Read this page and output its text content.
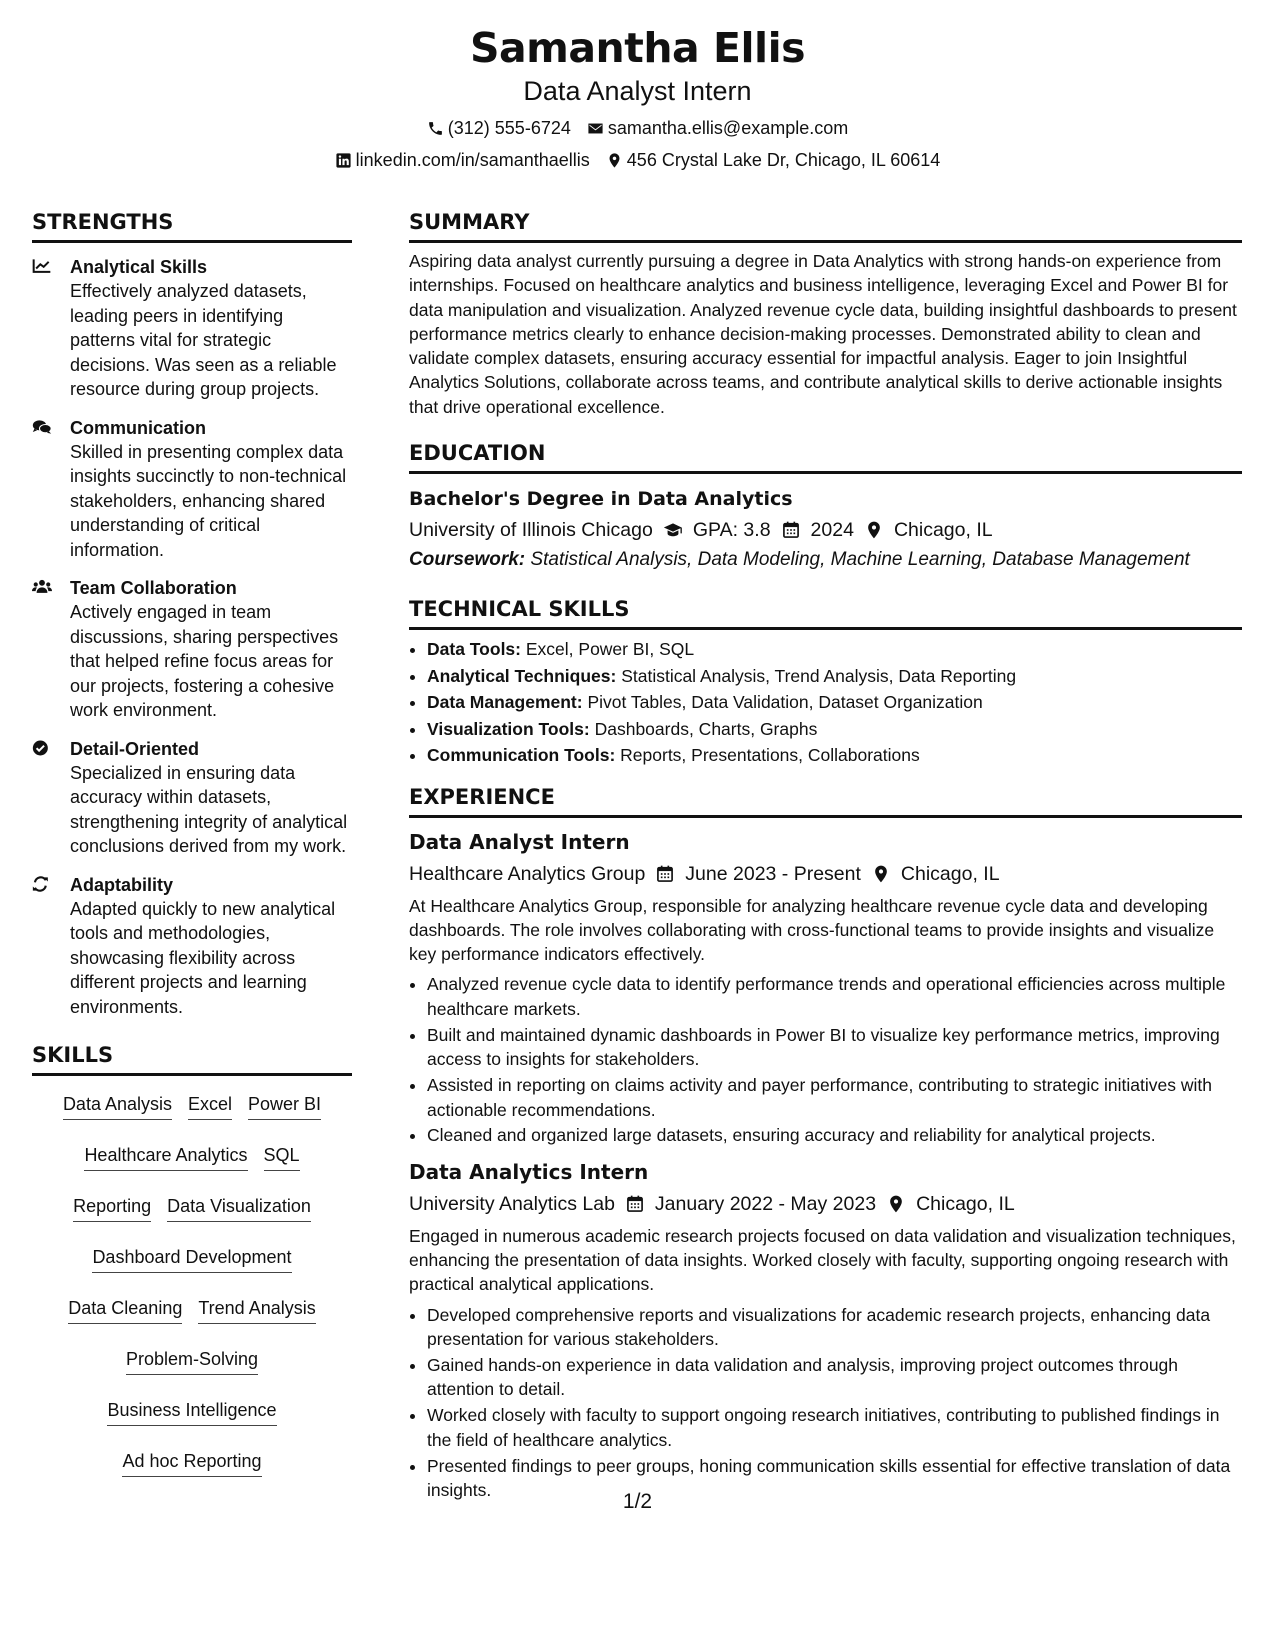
Samantha Ellis
Data Analyst Intern
(312) 555-6724 samantha.ellis@example.com
linkedin.com/in/samanthaellis 456 Crystal Lake Dr, Chicago, IL 60614
STRENGTHS
Analytical Skills
Effectively analyzed datasets, leading peers in identifying patterns vital for strategic decisions. Was seen as a reliable resource during group projects.
Communication
Skilled in presenting complex data insights succinctly to non-technical stakeholders, enhancing shared understanding of critical information.
Team Collaboration
Actively engaged in team discussions, sharing perspectives that helped refine focus areas for our projects, fostering a cohesive work environment.
Detail-Oriented
Specialized in ensuring data accuracy within datasets, strengthening integrity of analytical conclusions derived from my work.
Adaptability
Adapted quickly to new analytical tools and methodologies, showcasing flexibility across different projects and learning environments.
SKILLS
Data Analysis Excel Power BI
Healthcare Analytics SQL
Reporting Data Visualization
Dashboard Development
Data Cleaning Trend Analysis
Problem-Solving
Business Intelligence
Ad hoc Reporting
SUMMARY
Aspiring data analyst currently pursuing a degree in Data Analytics with strong hands-on experience from internships. Focused on healthcare analytics and business intelligence, leveraging Excel and Power BI for data manipulation and visualization. Analyzed revenue cycle data, building insightful dashboards to present performance metrics clearly to enhance decision-making processes. Demonstrated ability to clean and validate complex datasets, ensuring accuracy essential for impactful analysis. Eager to join Insightful Analytics Solutions, collaborate across teams, and contribute analytical skills to derive actionable insights that drive operational excellence.
EDUCATION
Bachelor's Degree in Data Analytics
University of Illinois Chicago GPA: 3.8 2024 Chicago, IL
Coursework: Statistical Analysis, Data Modeling, Machine Learning, Database Management
TECHNICAL SKILLS
• Data Tools: Excel, Power BI, SQL
• Analytical Techniques: Statistical Analysis, Trend Analysis, Data Reporting
• Data Management: Pivot Tables, Data Validation, Dataset Organization
• Visualization Tools: Dashboards, Charts, Graphs
• Communication Tools: Reports, Presentations, Collaborations
EXPERIENCE
Data Analyst Intern
Healthcare Analytics Group June 2023 - Present Chicago, IL
At Healthcare Analytics Group, responsible for analyzing healthcare revenue cycle data and developing dashboards. The role involves collaborating with cross-functional teams to provide insights and visualize key performance indicators effectively.
• Analyzed revenue cycle data to identify performance trends and operational efficiencies across multiple healthcare markets.
• Built and maintained dynamic dashboards in Power BI to visualize key performance metrics, improving access to insights for stakeholders.
• Assisted in reporting on claims activity and payer performance, contributing to strategic initiatives with actionable recommendations.
• Cleaned and organized large datasets, ensuring accuracy and reliability for analytical projects.
Data Analytics Intern
University Analytics Lab January 2022 - May 2023 Chicago, IL
Engaged in numerous academic research projects focused on data validation and visualization techniques, enhancing the presentation of data insights. Worked closely with faculty, supporting ongoing research with practical analytical applications.
• Developed comprehensive reports and visualizations for academic research projects, enhancing data presentation for various stakeholders.
• Gained hands-on experience in data validation and analysis, improving project outcomes through attention to detail.
• Worked closely with faculty to support ongoing research initiatives, contributing to published findings in the field of healthcare analytics.
• Presented findings to peer groups, honing communication skills essential for effective translation of data insights.	1/2
